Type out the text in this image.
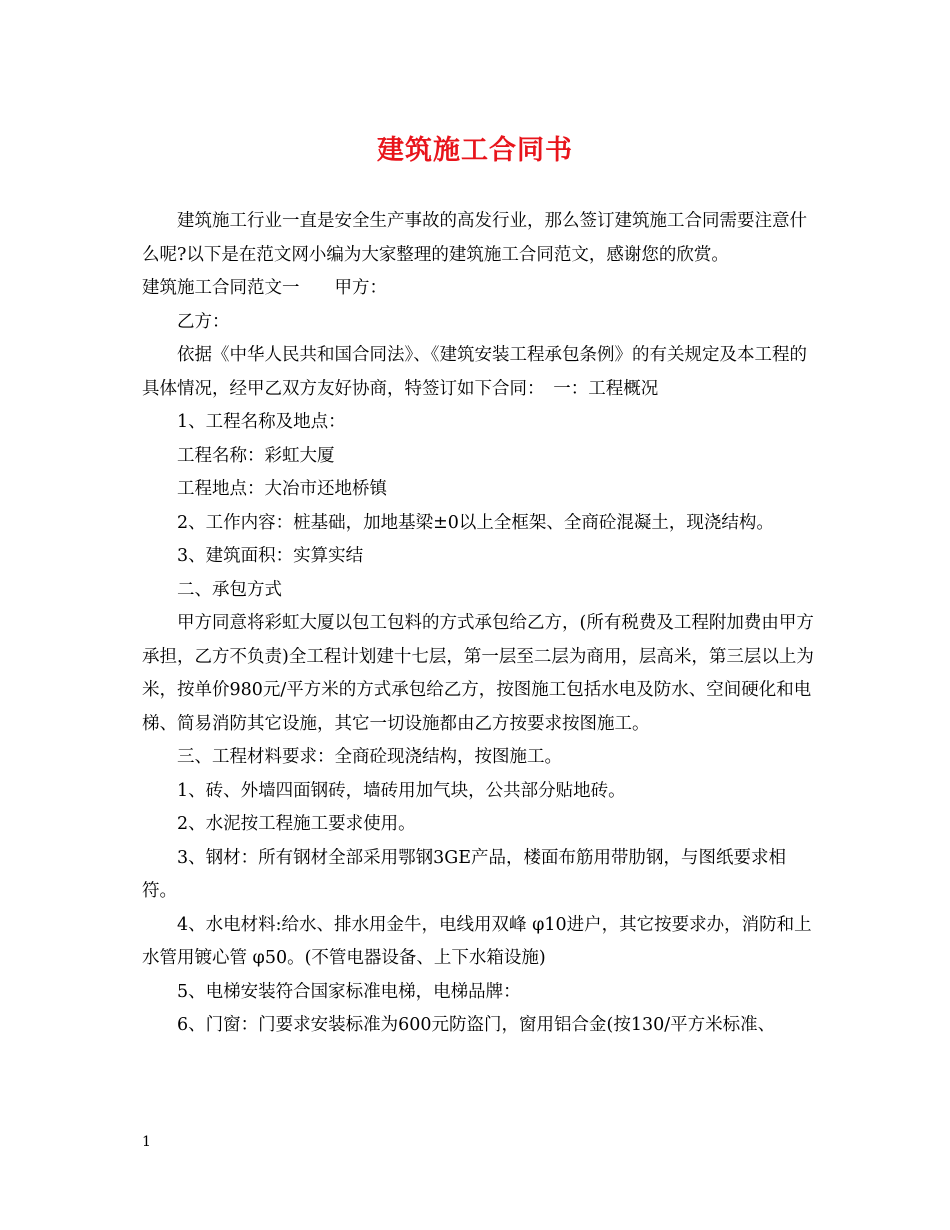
建筑施工合同书

建筑施工行业一直是安全生产事故的高发行业，那么签订建筑施工合同需要注意什么呢?以下是在范文网小编为大家整理的建筑施工合同范文，感谢您的欣赏。

建筑施工合同范文一　　甲方：

乙方：

依据《中华人民共和国合同法》、《建筑安装工程承包条例》的有关规定及本工程的具体情况，经甲乙双方友好协商，特签订如下合同：　一：工程概况

1、工程名称及地点：

工程名称：彩虹大厦

工程地点：大冶市还地桥镇

2、工作内容：桩基础，加地基梁±0以上全框架、全商砼混凝土，现浇结构。

3、建筑面积：实算实结

二、承包方式

甲方同意将彩虹大厦以包工包料的方式承包给乙方，(所有税费及工程附加费由甲方承担，乙方不负责)全工程计划建十七层，第一层至二层为商用，层高米，第三层以上为米，按单价980元/平方米的方式承包给乙方，按图施工包括水电及防水、空间硬化和电梯、简易消防其它设施，其它一切设施都由乙方按要求按图施工。

三、工程材料要求：全商砼现浇结构，按图施工。

1、砖、外墙四面钢砖，墙砖用加气块，公共部分贴地砖。

2、水泥按工程施工要求使用。

3、钢材：所有钢材全部采用鄂钢3GE产品，楼面布筋用带肋钢，与图纸要求相符。

4、水电材料:给水、排水用金牛，电线用双峰 φ10进户，其它按要求办，消防和上水管用镀心管 φ50。(不管电器设备、上下水箱设施)

5、电梯安装符合国家标准电梯，电梯品牌：

6、门窗：门要求安装标准为600元防盗门，窗用铝合金(按130/平方米标准、

1
